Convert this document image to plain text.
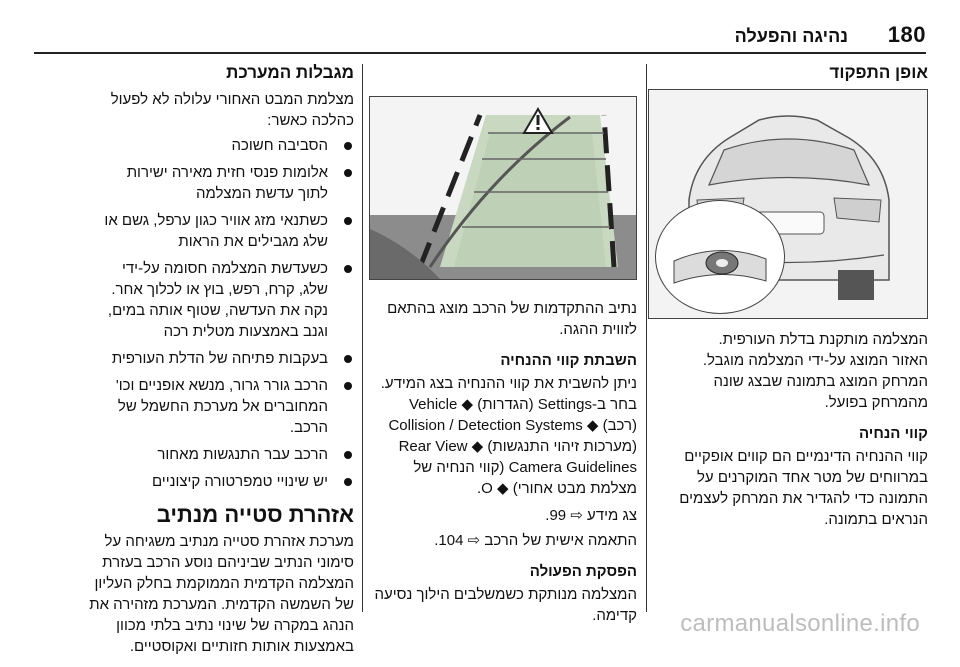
180
נהיגה והפעלה
אופן התפקוד

המצלמה מותקנת בדלת העורפית.
האזור המוצג על-ידי המצלמה מוגבל.
המרחק המוצג בתמונה שבצג שונה
מהמרחק בפועל.

קווי הנחיה

קווי ההנחיה הדינמיים הם קווים אופקיים
במרווחים של מטר אחד המוקרנים על
התמונה כדי להגדיר את המרחק לעצמים
הנראים בתמונה.

נתיב ההתקדמות של הרכב מוצג בהתאם
לזווית ההגה.

השבתת קווי ההנחיה

ניתן להשבית את קווי ההנחיה בצג המידע.
בחר ב-Settings (הגדרות) ◆ Vehicle
(רכב) ◆ Collision / Detection Systems
(מערכות זיהוי התנגשות) ◆ Rear View
Camera Guidelines (קווי הנחיה של
מצלמת מבט אחורי) ◆ O.

צג מידע ⇨ 99.

התאמה אישית של הרכב ⇨ 104.

הפסקת הפעולה

המצלמה מנותקת כשמשלבים הילוך נסיעה
קדימה.

מגבלות המערכת

מצלמת המבט האחורי עלולה לא לפעול
כהלכה כאשר:

הסביבה חשוכה
אלומות פנסי חזית מאירה ישירות
לתוך עדשת המצלמה
כשתנאי מזג אוויר כגון ערפל, גשם או
שלג מגבילים את הראות
כשעדשת המצלמה חסומה על-ידי
שלג, קרח, רפש, בוץ או לכלוך אחר.
נקה את העדשה, שטוף אותה במים,
וגנב באמצעות מטלית רכה
בעקבות פתיחה של הדלת העורפית
הרכב גורר גרור, מנשא אופניים וכו'
המחוברים אל מערכת החשמל של
הרכב.
הרכב עבר התנגשות מאחור
יש שינויי טמפרטורה קיצוניים
אזהרת סטייה מנתיב

מערכת אזהרת סטייה מנתיב משגיחה על
סימוני הנתיב שביניהם נוסע הרכב בעזרת
המצלמה הקדמית הממוקמת בחלק העליון
של השמשה הקדמית. המערכת מזהירה את
הנהג במקרה של שינוי נתיב בלתי מכוון
באמצעות אותות חזותיים ואקוסטיים.

carmanualsonline.info
